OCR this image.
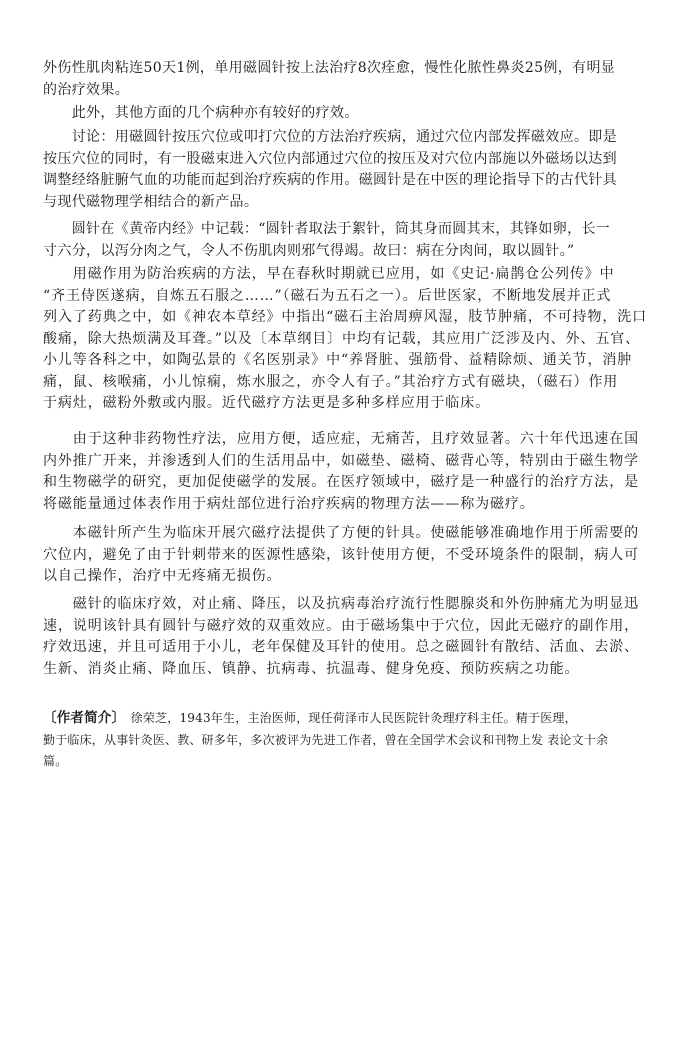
外伤性肌肉粘连50天1例，单用磁圆针按上法治疗8次痊愈，慢性化脓性鼻炎25例，有明显
的治疗效果。
　　此外，其他方面的几个病种亦有较好的疗效。
　　讨论：用磁圆针按压穴位或叩打穴位的方法治疗疾病，通过穴位内部发挥磁效应。即是
按压穴位的同时，有一股磁束进入穴位内部通过穴位的按压及对穴位内部施以外磁场以达到
调整经络脏腑气血的功能而起到治疗疾病的作用。磁圆针是在中医的理论指导下的古代针具
与现代磁物理学相结合的新产品。
　　圆针在《黄帝内经》中记载：“圆针者取法于絮针，筒其身而圆其末，其锋如卵，长一
寸六分，以泻分肉之气，令人不伤肌肉则邪气得竭。故曰：病在分肉间，取以圆针。”
　　用磁作用为防治疾病的方法，早在春秋时期就已应用，如《史记·扁鹊仓公列传》中
“齐王侍医遂病，自炼五石服之……”（磁石为五石之一）。后世医家，不断地发展并正式
列入了药典之中，如《神农本草经》中指出“磁石主治周痹风湿，肢节肿痛，不可持物，洗口
酸痛，除大热烦满及耳聋。”以及〔本草纲目〕中均有记载，其应用广泛涉及内、外、五官、
小儿等各科之中，如陶弘景的《名医别录》中“养肾脏、强筋骨、益精除烦、通关节，消肿
痛，鼠、核喉痛，小儿惊痫，炼水服之，亦令人有子。”其治疗方式有磁块，（磁石）作用
于病灶，磁粉外敷或内服。近代磁疗方法更是多种多样应用于临床。
　　由于这种非药物性疗法，应用方便，适应症，无痛苦，且疗效显著。六十年代迅速在国
内外推广开来，并渗透到人们的生活用品中，如磁垫、磁椅、磁背心等，特别由于磁生物学
和生物磁学的研究，更加促使磁学的发展。在医疗领域中，磁疗是一种盛行的治疗方法，是
将磁能量通过体表作用于病灶部位进行治疗疾病的物理方法——称为磁疗。
　　本磁针所产生为临床开展穴磁疗法提供了方便的针具。使磁能够准确地作用于所需要的
穴位内，避免了由于针刺带来的医源性感染，该针使用方便，不受环境条件的限制，病人可
以自己操作，治疗中无疼痛无损伤。
　　磁针的临床疗效，对止痛、降压，以及抗病毒治疗流行性腮腺炎和外伤肿痛尤为明显迅
速，说明该针具有圆针与磁疗效的双重效应。由于磁场集中于穴位，因此无磁疗的副作用，
疗效迅速，并且可适用于小儿，老年保健及耳针的使用。总之磁圆针有散结、活血、去淤、
生新、消炎止痛、降血压、镇静、抗病毒、抗温毒、健身免疫、预防疾病之功能。
〔作者简介〕　徐荣芝，1943年生，主治医师，现任荷泽市人民医院针灸理疗科主任。精于医理，
勤于临床，从事针灸医、教、研多年，多次被评为先进工作者，曾在全国学术会议和刊物上发 表论文十余
篇。
